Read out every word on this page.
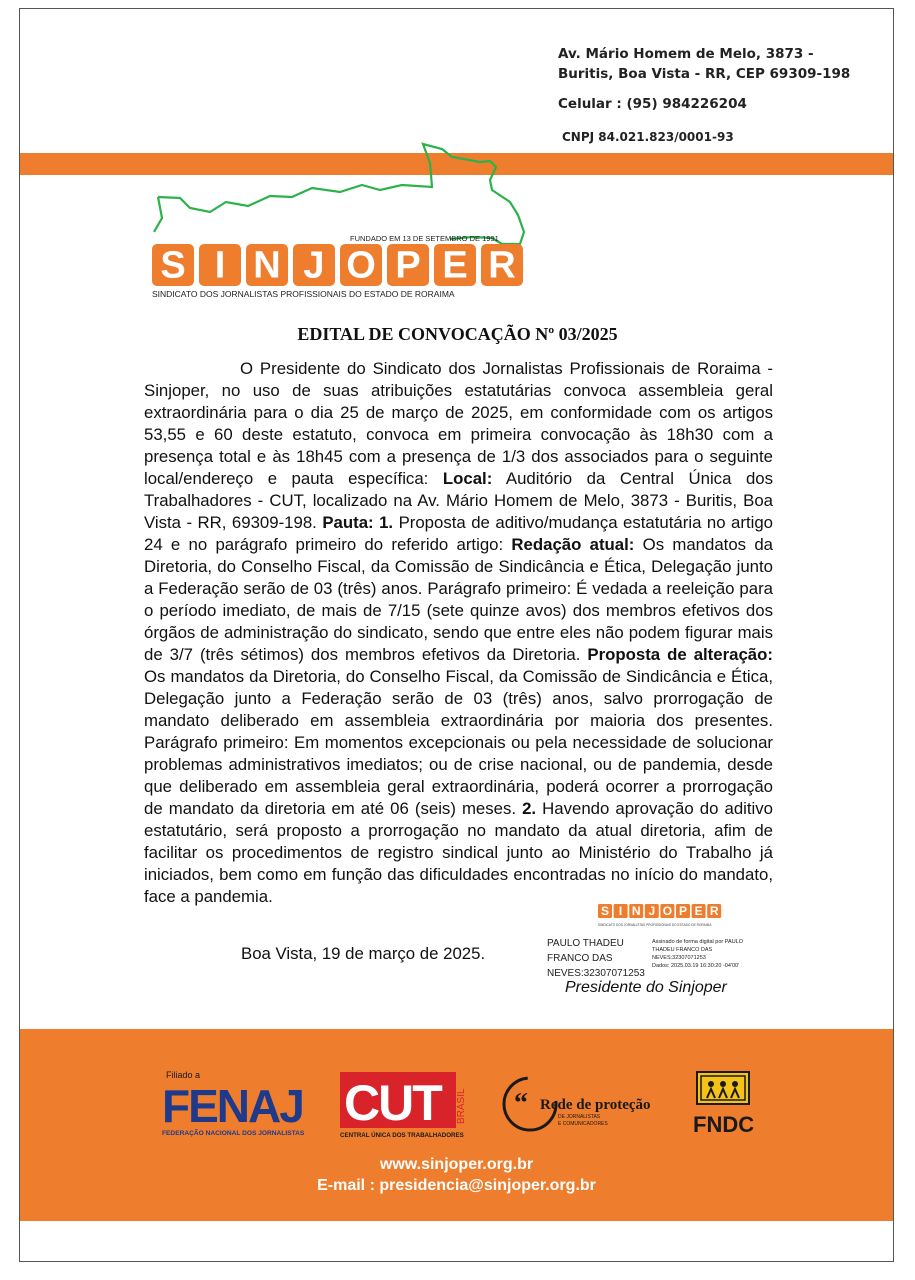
Av. Mário Homem de Melo, 3873 -
Buritis, Boa Vista - RR, CEP 69309-198
Celular : (95) 984226204
CNPJ 84.021.823/0001-93
FUNDADO EM 13 DE SETEMBRO DE 1991
S I N J O P E R
SINDICATO DOS JORNALISTAS PROFISSIONAIS DO ESTADO DE RORAIMA
EDITAL DE CONVOCAÇÃO Nº 03/2025
O Presidente do Sindicato dos Jornalistas Profissionais de Roraima - Sinjoper, no uso de suas atribuições estatutárias convoca assembleia geral extraordinária para o dia 25 de março de 2025, em conformidade com os artigos 53,55 e 60 deste estatuto, convoca em primeira convocação às 18h30 com a presença total e às 18h45 com a presença de 1/3 dos associados para o seguinte local/endereço e pauta específica: Local: Auditório da Central Única dos Trabalhadores - CUT, localizado na Av. Mário Homem de Melo, 3873 - Buritis, Boa Vista - RR, 69309-198. Pauta: 1. Proposta de aditivo/mudança estatutária no artigo 24 e no parágrafo primeiro do referido artigo: Redação atual: Os mandatos da Diretoria, do Conselho Fiscal, da Comissão de Sindicância e Ética, Delegação junto a Federação serão de 03 (três) anos. Parágrafo primeiro: É vedada a reeleição para o período imediato, de mais de 7/15 (sete quinze avos) dos membros efetivos dos órgãos de administração do sindicato, sendo que entre eles não podem figurar mais de 3/7 (três sétimos) dos membros efetivos da Diretoria. Proposta de alteração: Os mandatos da Diretoria, do Conselho Fiscal, da Comissão de Sindicância e Ética, Delegação junto a Federação serão de 03 (três) anos, salvo prorrogação de mandato deliberado em assembleia extraordinária por maioria dos presentes. Parágrafo primeiro: Em momentos excepcionais ou pela necessidade de solucionar problemas administrativos imediatos; ou de crise nacional, ou de pandemia, desde que deliberado em assembleia geral extraordinária, poderá ocorrer a prorrogação de mandato da diretoria em até 06 (seis) meses. 2. Havendo aprovação do aditivo estatutário, será proposto a prorrogação no mandato da atual diretoria, afim de facilitar os procedimentos de registro sindical junto ao Ministério do Trabalho já iniciados, bem como em função das dificuldades encontradas no início do mandato, face a pandemia.
Boa Vista, 19 de março de 2025.
S I N J O P E R
SINDICATO DOS JORNALISTAS PROFISSIONAIS DO ESTADO DE RORAIMA
PAULO THADEU
FRANCO DAS
NEVES:32307071253
Assinado de forma digital por PAULO
THADEU FRANCO DAS
NEVES:32307071253
Dados: 2025.03.19 16:30:20 -04'00'
Presidente do Sinjoper
Filiado a
FENAJ
FEDERAÇÃO NACIONAL DOS JORNALISTAS
CUT BRASIL
CENTRAL ÚNICA DOS TRABALHADORES
“ Rede de proteção
DE JORNALISTAS
E COMUNICADORES	FNDC
www.sinjoper.org.br
E-mail : presidencia@sinjoper.org.br
